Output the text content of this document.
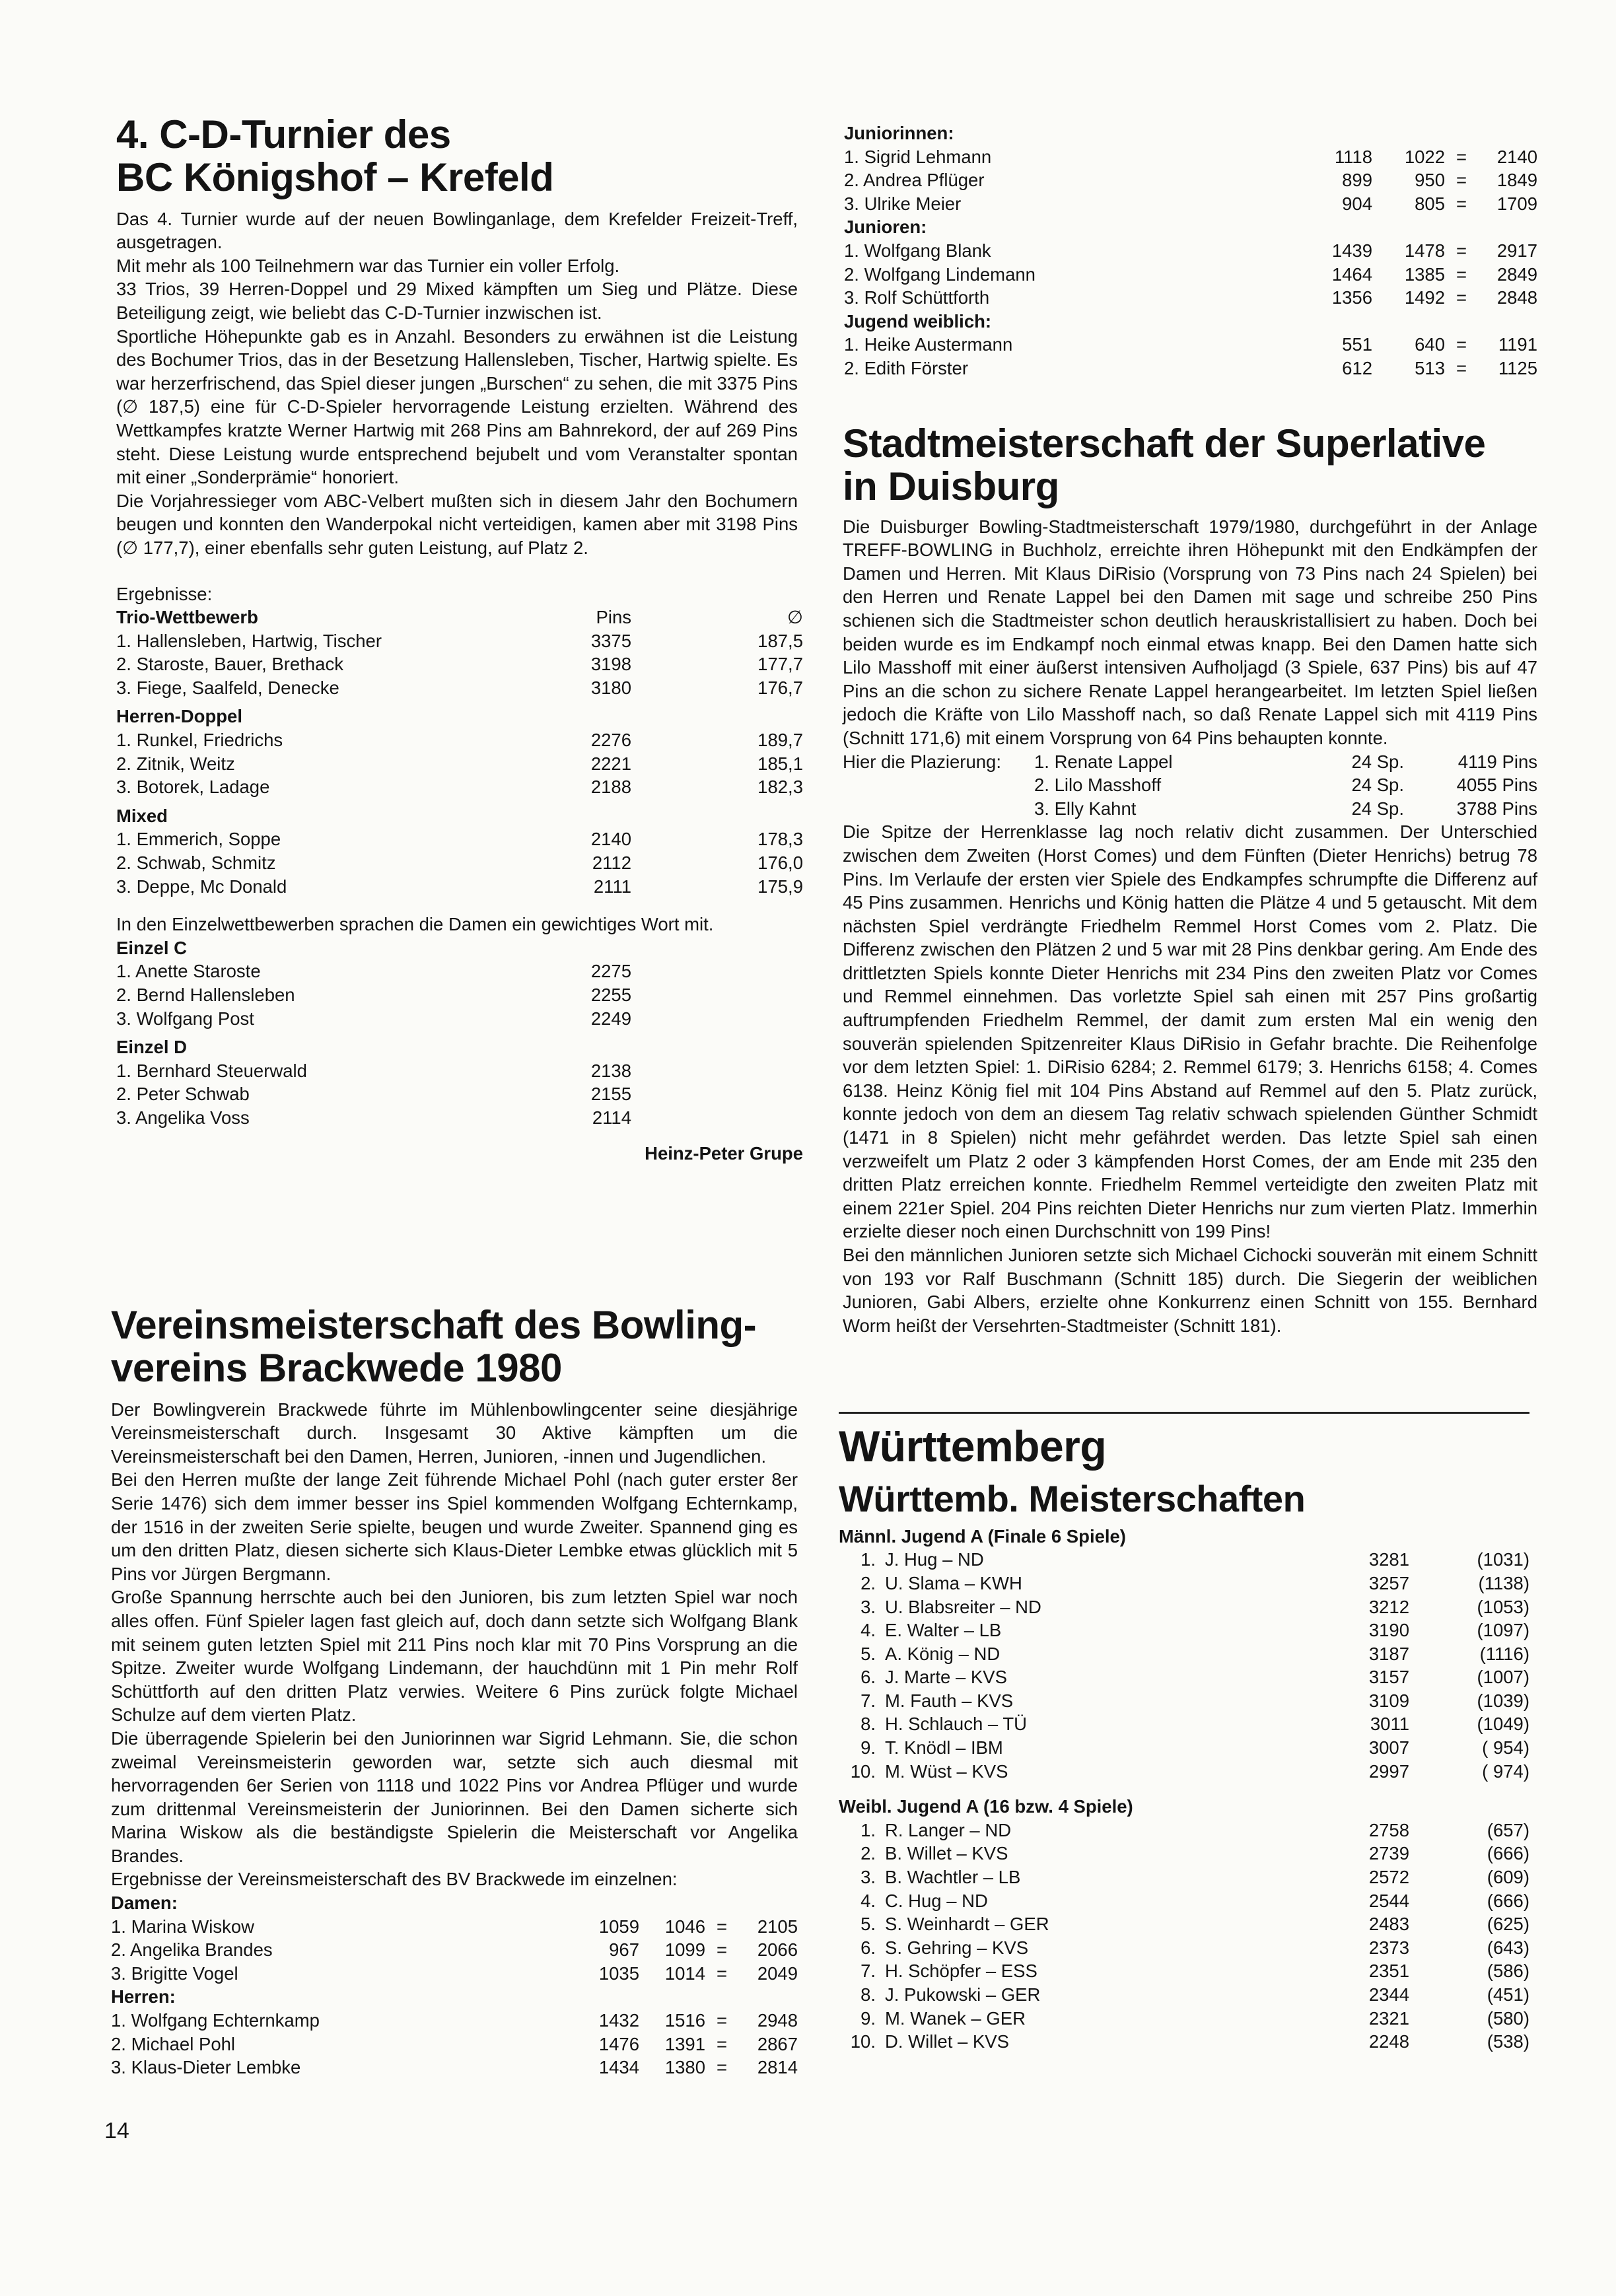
4. C-D-Turnier des
BC Königshof – Krefeld

Das 4. Turnier wurde auf der neuen Bowlinganlage, dem Krefelder Freizeit-Treff, ausgetragen.

Mit mehr als 100 Teilnehmern war das Turnier ein voller Erfolg.

33 Trios, 39 Herren-Doppel und 29 Mixed kämpften um Sieg und Plätze. Diese Beteiligung zeigt, wie beliebt das C-D-Turnier inzwischen ist.

Sportliche Höhepunkte gab es in Anzahl. Besonders zu erwähnen ist die Leistung des Bochumer Trios, das in der Besetzung Hallensleben, Tischer, Hartwig spielte. Es war herzerfrischend, das Spiel dieser jungen „Burschen“ zu sehen, die mit 3375 Pins (∅ 187,5) eine für C-D-Spieler hervorragende Leistung erzielten. Während des Wettkampfes kratzte Werner Hartwig mit 268 Pins am Bahnrekord, der auf 269 Pins steht. Diese Leistung wurde entsprechend bejubelt und vom Veranstalter spontan mit einer „Sonderprämie“ honoriert.

Die Vorjahressieger vom ABC-Velbert mußten sich in diesem Jahr den Bochumern beugen und konnten den Wanderpokal nicht verteidigen, kamen aber mit 3198 Pins (∅ 177,7), einer ebenfalls sehr guten Leistung, auf Platz 2.

Ergebnisse:
Trio-Wettbewerb	Pins	∅
1. Hallensleben, Hartwig, Tischer	3375	187,5
2. Staroste, Bauer, Brethack	3198	177,7
3. Fiege, Saalfeld, Denecke	3180	176,7
Herren-Doppel		
1. Runkel, Friedrichs	2276	189,7
2. Zitnik, Weitz	2221	185,1
3. Botorek, Ladage	2188	182,3
Mixed		
1. Emmerich, Soppe	2140	178,3
2. Schwab, Schmitz	2112	176,0
3. Deppe, Mc Donald	2111	175,9
In den Einzelwettbewerben sprachen die Damen ein gewichtiges Wort mit.
Einzel C		
1. Anette Staroste	2275	
2. Bernd Hallensleben	2255	
3. Wolfgang Post	2249	
Einzel D		
1. Bernhard Steuerwald	2138	
2. Peter Schwab	2155	
3. Angelika Voss	2114	
Heinz-Peter Grupe
Vereinsmeisterschaft des Bowling-
vereins Brackwede 1980

Der Bowlingverein Brackwede führte im Mühlenbowlingcenter seine diesjährige Vereinsmeisterschaft durch. Insgesamt 30 Aktive kämpften um die Vereinsmeisterschaft bei den Damen, Herren, Junioren, -innen und Jugendlichen.

Bei den Herren mußte der lange Zeit führende Michael Pohl (nach guter erster 8er Serie 1476) sich dem immer besser ins Spiel kommenden Wolfgang Echternkamp, der 1516 in der zweiten Serie spielte, beugen und wurde Zweiter. Spannend ging es um den dritten Platz, diesen sicherte sich Klaus-Dieter Lembke etwas glücklich mit 5 Pins vor Jürgen Bergmann.

Große Spannung herrschte auch bei den Junioren, bis zum letzten Spiel war noch alles offen. Fünf Spieler lagen fast gleich auf, doch dann setzte sich Wolfgang Blank mit seinem guten letzten Spiel mit 211 Pins noch klar mit 70 Pins Vorsprung an die Spitze. Zweiter wurde Wolfgang Lindemann, der hauchdünn mit 1 Pin mehr Rolf Schüttforth auf den dritten Platz verwies. Weitere 6 Pins zurück folgte Michael Schulze auf dem vierten Platz.

Die überragende Spielerin bei den Juniorinnen war Sigrid Lehmann. Sie, die schon zweimal Vereinsmeisterin geworden war, setzte sich auch diesmal mit hervorragenden 6er Serien von 1118 und 1022 Pins vor Andrea Pflüger und wurde zum drittenmal Vereinsmeisterin der Juniorinnen. Bei den Damen sicherte sich Marina Wiskow als die beständigste Spielerin die Meisterschaft vor Angelika Brandes.

Ergebnisse der Vereinsmeisterschaft des BV Brackwede im einzelnen:

Damen:				
1. Marina Wiskow	1059	1046	=	2105
2. Angelika Brandes	967	1099	=	2066
3. Brigitte Vogel	1035	1014	=	2049
Herren:				
1. Wolfgang Echternkamp	1432	1516	=	2948
2. Michael Pohl	1476	1391	=	2867
3. Klaus-Dieter Lembke	1434	1380	=	2814
14
Juniorinnen:				
1. Sigrid Lehmann	1118	1022	=	2140
2. Andrea Pflüger	899	950	=	1849
3. Ulrike Meier	904	805	=	1709
Junioren:				
1. Wolfgang Blank	1439	1478	=	2917
2. Wolfgang Lindemann	1464	1385	=	2849
3. Rolf Schüttforth	1356	1492	=	2848
Jugend weiblich:				
1. Heike Austermann	551	640	=	1191
2. Edith Förster	612	513	=	1125
Stadtmeisterschaft der Superlative
in Duisburg

Die Duisburger Bowling-Stadtmeisterschaft 1979/1980, durchgeführt in der Anlage TREFF-BOWLING in Buchholz, erreichte ihren Höhepunkt mit den Endkämpfen der Damen und Herren. Mit Klaus DiRisio (Vorsprung von 73 Pins nach 24 Spielen) bei den Herren und Renate Lappel bei den Damen mit sage und schreibe 250 Pins schienen sich die Stadtmeister schon deutlich herauskristallisiert zu haben. Doch bei beiden wurde es im Endkampf noch einmal etwas knapp. Bei den Damen hatte sich Lilo Masshoff mit einer äußerst intensiven Aufholjagd (3 Spiele, 637 Pins) bis auf 47 Pins an die schon zu sichere Renate Lappel herangearbeitet. Im letzten Spiel ließen jedoch die Kräfte von Lilo Masshoff nach, so daß Renate Lappel sich mit 4119 Pins (Schnitt 171,6) mit einem Vorsprung von 64 Pins behaupten konnte.

Hier die Plazierung:	1. Renate Lappel	24 Sp.	4119 Pins
	2. Lilo Masshoff	24 Sp.	4055 Pins
	3. Elly Kahnt	24 Sp.	3788 Pins

Die Spitze der Herrenklasse lag noch relativ dicht zusammen. Der Unterschied zwischen dem Zweiten (Horst Comes) und dem Fünften (Dieter Henrichs) betrug 78 Pins. Im Verlaufe der ersten vier Spiele des Endkampfes schrumpfte die Differenz auf 45 Pins zusammen. Henrichs und König hatten die Plätze 4 und 5 getauscht. Mit dem nächsten Spiel verdrängte Friedhelm Remmel Horst Comes vom 2. Platz. Die Differenz zwischen den Plätzen 2 und 5 war mit 28 Pins denkbar gering. Am Ende des drittletzten Spiels konnte Dieter Henrichs mit 234 Pins den zweiten Platz vor Comes und Remmel einnehmen. Das vorletzte Spiel sah einen mit 257 Pins großartig auftrumpfenden Friedhelm Remmel, der damit zum ersten Mal ein wenig den souverän spielenden Spitzenreiter Klaus DiRisio in Gefahr brachte. Die Reihenfolge vor dem letzten Spiel: 1. DiRisio 6284; 2. Remmel 6179; 3. Henrichs 6158; 4. Comes 6138. Heinz König fiel mit 104 Pins Abstand auf Remmel auf den 5. Platz zurück, konnte jedoch von dem an diesem Tag relativ schwach spielenden Günther Schmidt (1471 in 8 Spielen) nicht mehr gefährdet werden. Das letzte Spiel sah einen verzweifelt um Platz 2 oder 3 kämpfenden Horst Comes, der am Ende mit 235 den dritten Platz erreichen konnte. Friedhelm Remmel verteidigte den zweiten Platz mit einem 221er Spiel. 204 Pins reichten Dieter Henrichs nur zum vierten Platz. Immerhin erzielte dieser noch einen Durchschnitt von 199 Pins!

Bei den männlichen Junioren setzte sich Michael Cichocki souverän mit einem Schnitt von 193 vor Ralf Buschmann (Schnitt 185) durch. Die Siegerin der weiblichen Junioren, Gabi Albers, erzielte ohne Konkurrenz einen Schnitt von 155. Bernhard Worm heißt der Versehrten-Stadtmeister (Schnitt 181).

Württemberg
Württemb. Meisterschaften
Männl. Jugend A (Finale 6 Spiele)
1.	J. Hug – ND	3281	(1031)
2.	U. Slama – KWH	3257	(1138)
3.	U. Blabsreiter – ND	3212	(1053)
4.	E. Walter – LB	3190	(1097)
5.	A. König – ND	3187	(1116)
6.	J. Marte – KVS	3157	(1007)
7.	M. Fauth – KVS	3109	(1039)
8.	H. Schlauch – TÜ	3011	(1049)
9.	T. Knödl – IBM	3007	( 954)
10.	M. Wüst – KVS	2997	( 974)
Weibl. Jugend A (16 bzw. 4 Spiele)
1.	R. Langer – ND	2758	(657)
2.	B. Willet – KVS	2739	(666)
3.	B. Wachtler – LB	2572	(609)
4.	C. Hug – ND	2544	(666)
5.	S. Weinhardt – GER	2483	(625)
6.	S. Gehring – KVS	2373	(643)
7.	H. Schöpfer – ESS	2351	(586)
8.	J. Pukowski – GER	2344	(451)
9.	M. Wanek – GER	2321	(580)
10.	D. Willet – KVS	2248	(538)
